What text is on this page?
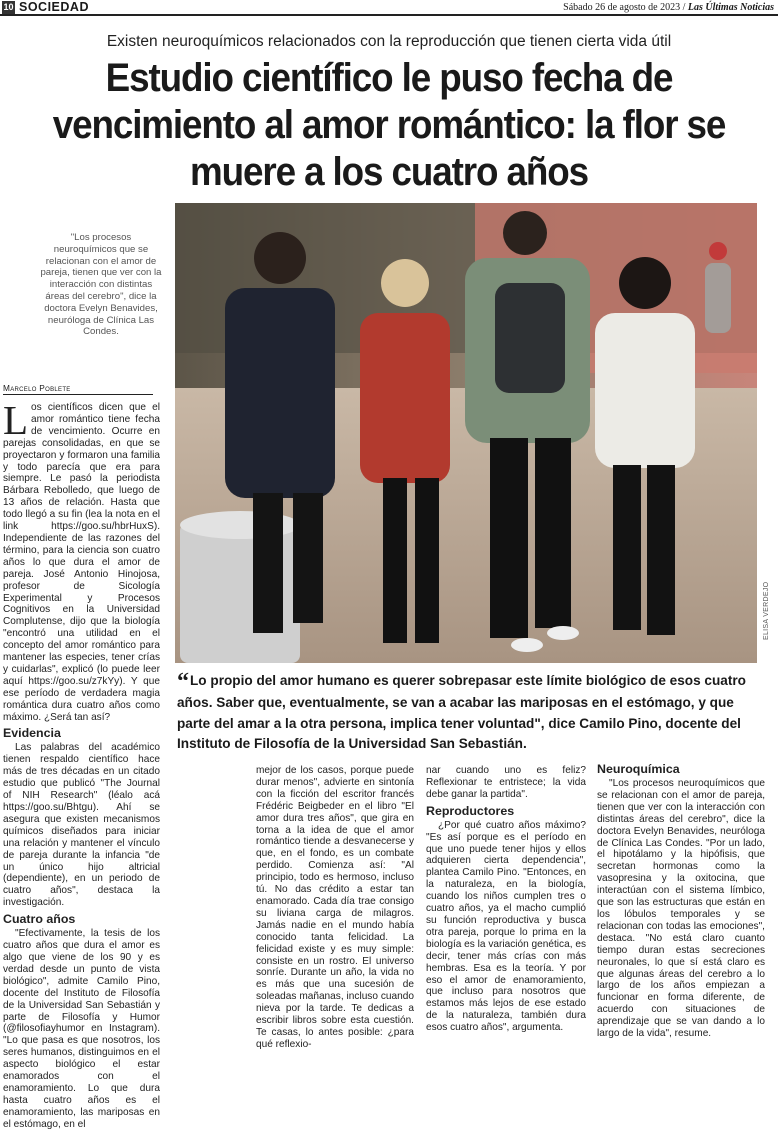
10 SOCIEDAD	Sábado 26 de agosto de 2023 / Las Últimas Noticias
Existen neuroquímicos relacionados con la reproducción que tienen cierta vida útil
Estudio científico le puso fecha de vencimiento al amor romántico: la flor se muere a los cuatro años
"Los procesos neuroquímicos que se relacionan con el amor de pareja, tienen que ver con la interacción con distintas áreas del cerebro", dice la doctora Evelyn Benavides, neuróloga de Clínica Las Condes.
ELISA VERDEJO
Marcelo Poblete

Los científicos dicen que el amor romántico tiene fecha de vencimiento. Ocurre en parejas consolidadas, en que se proyectaron y formaron una familia y todo parecía que era para siempre. Le pasó la periodista Bárbara Rebolledo, que luego de 13 años de relación. Hasta que todo llegó a su fin (lea la nota en el link https://goo.su/hbrHuxS). Independiente de las razones del término, para la ciencia son cuatro años lo que dura el amor de pareja. José Antonio Hinojosa, profesor de Sicología Experimental y Procesos Cognitivos en la Universidad Complutense, dijo que la biología "encontró una utilidad en el concepto del amor romántico para mantener las especies, tener crías y cuidarlas", explicó (lo puede leer aquí https://goo.su/z7kYy). Y que ese período de verdadera magia romántica dura cuatro años como máximo. ¿Será tan así?

Evidencia

Las palabras del académico tienen respaldo científico hace más de tres décadas en un citado estudio que publicó "The Journal of NIH Research" (léalo acá https://goo.su/Bhtgu). Ahí se asegura que existen mecanismos químicos diseñados para iniciar una relación y mantener el vínculo de pareja durante la infancia "de un único hijo altricial (dependiente), en un periodo de cuatro años", destaca la investigación.

Cuatro años

"Efectivamente, la tesis de los cuatro años que dura el amor es algo que viene de los 90 y es verdad desde un punto de vista biológico", admite Camilo Pino, docente del Instituto de Filosofía de la Universidad San Sebastián y parte de Filosofía y Humor (@filosofiayhumor en Instagram). "Lo que pasa es que nosotros, los seres humanos, distinguimos en el aspecto biológico el estar enamorados con el enamoramiento. Lo que dura hasta cuatro años es el enamoramiento, las mariposas en el estómago, en el

“Lo propio del amor humano es querer sobrepasar este límite biológico de esos cuatro años. Saber que, eventualmente, se van a acabar las mariposas en el estómago, y que parte del amar a la otra persona, implica tener voluntad", dice Camilo Pino, docente del Instituto de Filosofía de la Universidad San Sebastián.

mejor de los casos, porque puede durar menos", advierte en sintonía con la ficción del escritor francés Frédéric Beigbeder en el libro "El amor dura tres años", que gira en torna a la idea de que el amor romántico tiende a desvanecerse y que, en el fondo, es un combate perdido. Comienza así: "Al principio, todo es hermoso, incluso tú. No das crédito a estar tan enamorado. Cada día trae consigo su liviana carga de milagros. Jamás nadie en el mundo había conocido tanta felicidad. La felicidad existe y es muy simple: consiste en un rostro. El universo sonríe. Durante un año, la vida no es más que una sucesión de soleadas mañanas, incluso cuando nieva por la tarde. Te dedicas a escribir libros sobre esta cuestión. Te casas, lo antes posible: ¿para qué reflexio-

nar cuando uno es feliz? Reflexionar te entristece; la vida debe ganar la partida".

Reproductores

¿Por qué cuatro años máximo? "Es así porque es el período en que uno puede tener hijos y ellos adquieren cierta dependencia", plantea Camilo Pino. "Entonces, en la naturaleza, en la biología, cuando los niños cumplen tres o cuatro años, ya el macho cumplió su función reproductiva y busca otra pareja, porque lo prima en la biología es la variación genética, es decir, tener más crías con más hembras. Esa es la teoría. Y por eso el amor de enamoramiento, que incluso para nosotros que estamos más lejos de ese estado de la naturaleza, también dura esos cuatro años", argumenta.

Neuroquímica

"Los procesos neuroquímicos que se relacionan con el amor de pareja, tienen que ver con la interacción con distintas áreas del cerebro", dice la doctora Evelyn Benavides, neuróloga de Clínica Las Condes. "Por un lado, el hipotálamo y la hipófisis, que secretan hormonas como la vasopresina y la oxitocina, que interactúan con el sistema límbico, que son las estructuras que están en los lóbulos temporales y se relacionan con todas las emociones", destaca. "No está claro cuanto tiempo duran estas secreciones neuronales, lo que sí está claro es que algunas áreas del cerebro a lo largo de los años empiezan a funcionar en forma diferente, de acuerdo con situaciones de aprendizaje que se van dando a lo largo de la vida", resume.
